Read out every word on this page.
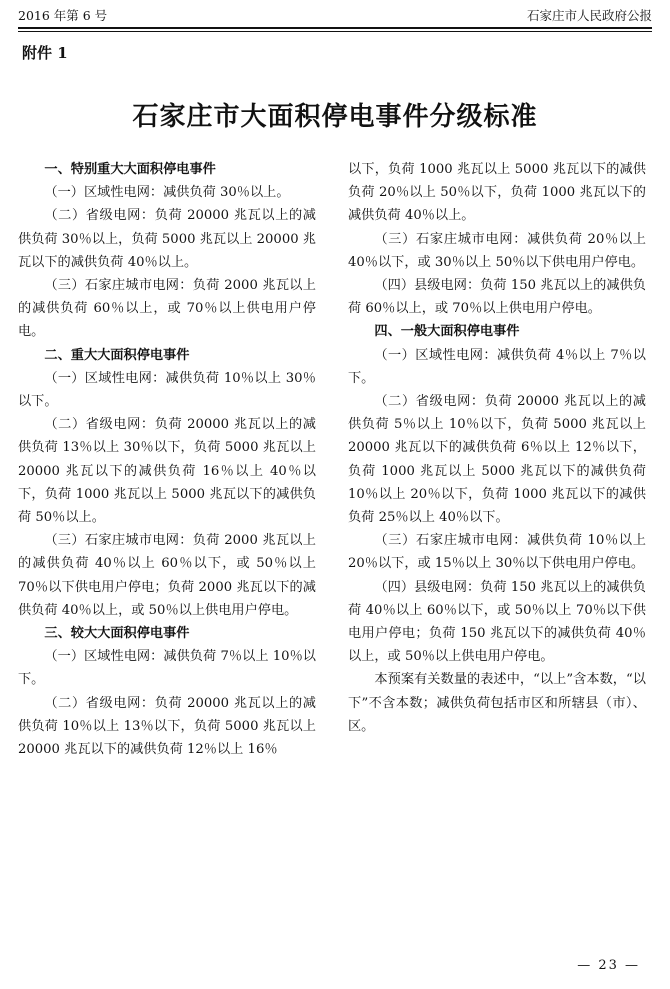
2016 年第 6 号	石家庄市人民政府公报
附件 1
石家庄市大面积停电事件分级标准
一、特别重大大面积停电事件

（一）区域性电网：减供负荷 30％以上。

（二）省级电网：负荷 20000 兆瓦以上的减供负荷 30％以上，负荷 5000 兆瓦以上 20000 兆瓦以下的减供负荷 40％以上。

（三）石家庄城市电网：负荷 2000 兆瓦以上的减供负荷 60％以上，或 70％以上供电用户停电。

二、重大大面积停电事件

（一）区域性电网：减供负荷 10％以上 30％以下。

（二）省级电网：负荷 20000 兆瓦以上的减供负荷 13％以上 30％以下，负荷 5000 兆瓦以上 20000 兆瓦以下的减供负荷 16％以上 40％以下，负荷 1000 兆瓦以上 5000 兆瓦以下的减供负荷 50％以上。

（三）石家庄城市电网：负荷 2000 兆瓦以上的减供负荷 40％以上 60％以下，或 50％以上 70％以下供电用户停电；负荷 2000 兆瓦以下的减供负荷 40％以上，或 50％以上供电用户停电。

三、较大大面积停电事件

（一）区域性电网：减供负荷 7％以上 10％以下。

（二）省级电网：负荷 20000 兆瓦以上的减供负荷 10％以上 13％以下，负荷 5000 兆瓦以上 20000 兆瓦以下的减供负荷 12％以上 16％

以下，负荷 1000 兆瓦以上 5000 兆瓦以下的减供负荷 20％以上 50％以下，负荷 1000 兆瓦以下的减供负荷 40％以上。

（三）石家庄城市电网：减供负荷 20％以上 40％以下，或 30％以上 50％以下供电用户停电。

（四）县级电网：负荷 150 兆瓦以上的减供负荷 60％以上，或 70％以上供电用户停电。

四、一般大面积停电事件

（一）区域性电网：减供负荷 4％以上 7％以下。

（二）省级电网：负荷 20000 兆瓦以上的减供负荷 5％以上 10％以下，负荷 5000 兆瓦以上 20000 兆瓦以下的减供负荷 6％以上 12％以下，负荷 1000 兆瓦以上 5000 兆瓦以下的减供负荷 10％以上 20％以下，负荷 1000 兆瓦以下的减供负荷 25％以上 40％以下。

（三）石家庄城市电网：减供负荷 10％以上 20％以下，或 15％以上 30％以下供电用户停电。

（四）县级电网：负荷 150 兆瓦以上的减供负荷 40％以上 60％以下，或 50％以上 70％以下供电用户停电；负荷 150 兆瓦以下的减供负荷 40％以上，或 50％以上供电用户停电。

本预案有关数量的表述中，“以上”含本数，“以下”不含本数；减供负荷包括市区和所辖县（市）、区。

— 23 —
